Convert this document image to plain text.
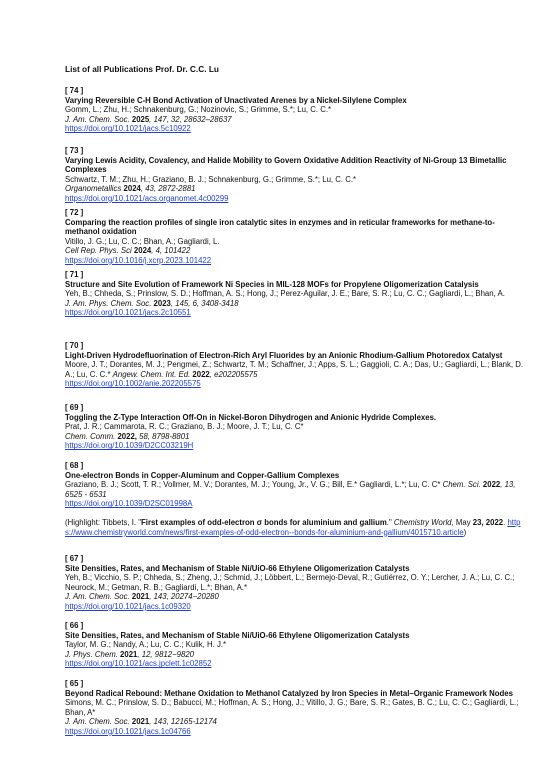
List of all Publications Prof. Dr. C.C. Lu
[ 74 ]
Varying Reversible C-H Bond Activation of Unactivated Arenes by a Nickel-Silylene Complex
Gomm, L.; Zhu, H.; Schnakenburg, G.; Nozinovic, S.; Grimme, S.*; Lu, C. C.*
J. Am. Chem. Soc. 2025, 147, 32, 28632–28637
https://doi.org/10.1021/jacs.5c10922
[ 73 ]
Varying Lewis Acidity, Covalency, and Halide Mobility to Govern Oxidative Addition Reactivity of Ni-Group 13 Bimetallic Complexes
Schwartz, T. M.; Zhu, H.; Graziano, B. J.; Schnakenburg, G.; Grimme, S.*; Lu, C. C.*
Organometallics 2024, 43, 2872-2881
https://doi.org/10.1021/acs.organomet.4c00299
[ 72 ]
Comparing the reaction profiles of single iron catalytic sites in enzymes and in reticular frameworks for methane-to-methanol oxidation
Vitillo, J. G.; Lu, C. C.; Bhan, A.; Gagliardi, L.
Cell Rep. Phys. Sci 2024, 4, 101422
https://doi.org/10.1016/j.xcrp.2023.101422
[ 71 ]
Structure and Site Evolution of Framework Ni Species in MIL-128 MOFs for Propylene Oligomerization Catalysis
Yeh, B.; Chheda, S.; Prinslow, S. D.; Hoffman, A. S.; Hong, J.; Perez-Aguilar, J. E.; Bare, S. R.; Lu, C. C.; Gagliardi, L.; Bhan, A.
J. Am. Phys. Chem. Soc. 2023, 145, 6, 3408-3418
https://doi.org/10.1021/jacs.2c10551
[ 70 ]
Light-Driven Hydrodefluorination of Electron-Rich Aryl Fluorides by an Anionic Rhodium-Gallium Photoredox Catalyst
Moore, J. T.; Dorantes, M. J.; Pengmei, Z.; Schwartz, T. M.; Schaffner, J.; Apps, S. L.; Gaggioli, C. A.; Das, U.; Gagliardi, L.; Blank, D. A.; Lu, C. C.* Angew. Chem. Int. Ed. 2022, e202205575
https://doi.org/10.1002/anie.202205575
[ 69 ]
Toggling the Z-Type Interaction Off-On in Nickel-Boron Dihydrogen and Anionic Hydride Complexes.
Prat, J. R.; Cammarota, R. C.; Graziano, B. J.; Moore, J. T.; Lu, C. C*
Chem. Comm. 2022, 58, 8798-8801
https://doi.org/10.1039/D2CC03219H
[ 68 ]
One-electron Bonds in Copper-Aluminum and Copper-Gallium Complexes
Graziano, B. J.; Scott, T. R.; Vollmer, M. V.; Dorantes, M. J.; Young, Jr., V. G.; Bill, E.* Gagliardi, L.*; Lu, C. C* Chem. Sci. 2022, 13, 6525 - 6531
https://doi.org/10.1039/D2SC01998A
(Highlight: Tibbets, I. "First examples of odd-electron σ bonds for aluminium and gallium." Chemistry World, May 23, 2022. https://www.chemistryworld.com/news/first-examples-of-odd-electron--bonds-for-aluminium-and-gallium/4015710.article)
[ 67 ]
Site Densities, Rates, and Mechanism of Stable Ni/UiO-66 Ethylene Oligomerization Catalysts
Yeh, B.; Vicchio, S. P.; Chheda, S.; Zheng, J.; Schmid, J.; Löbbert, L.; Bermejo-Deval, R.; Gutiérrez, O. Y.; Lercher, J. A.; Lu, C. C.; Neurock, M.; Getman, R. B.; Gagliardi, L.*; Bhan, A.*
J. Am. Chem. Soc. 2021, 143, 20274−20280
https://doi.org/10.1021/jacs.1c09320
[ 66 ]
Site Densities, Rates, and Mechanism of Stable Ni/UiO-66 Ethylene Oligomerization Catalysts
Taylor, M. G.; Nandy, A.; Lu, C. C.; Kulik, H. J.*
J. Phys. Chem. 2021, 12, 9812−9820
https://doi.org/10.1021/acs.jpclett.1c02852
[ 65 ]
Beyond Radical Rebound: Methane Oxidation to Methanol Catalyzed by Iron Species in Metal–Organic Framework Nodes
Simons, M. C.; Prinslow, S. D.; Babucci, M.; Hoffman, A. S.; Hong, J.; Vitillo, J. G.; Bare, S. R.; Gates, B. C.; Lu, C. C.; Gagliardi, L.; Bhan, A*
J. Am. Chem. Soc. 2021, 143, 12165-12174
https://doi.org/10.1021/jacs.1c04766
